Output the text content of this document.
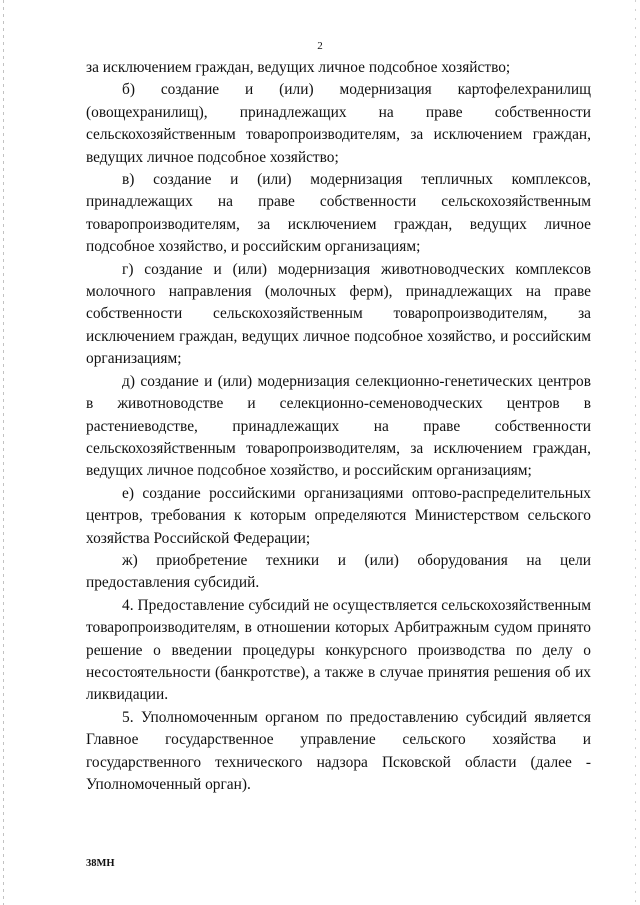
2

за исключением граждан, ведущих личное подсобное хозяйство;

б) создание и (или) модернизация картофелехранилищ (овощехранилищ), принадлежащих на праве собственности сельскохозяйственным товаропроизводителям, за исключением граждан, ведущих личное подсобное хозяйство;

в) создание и (или) модернизация тепличных комплексов, принадлежащих на праве собственности сельскохозяйственным товаропроизводителям, за исключением граждан, ведущих личное подсобное хозяйство, и российским организациям;

г) создание и (или) модернизация животноводческих комплексов молочного направления (молочных ферм), принадлежащих на праве собственности сельскохозяйственным товаропроизводителям, за исключением граждан, ведущих личное подсобное хозяйство, и российским организациям;

д) создание и (или) модернизация селекционно-генетических центров в животноводстве и селекционно-семеноводческих центров в растениеводстве, принадлежащих на праве собственности сельскохозяйственным товаропроизводителям, за исключением граждан, ведущих личное подсобное хозяйство, и российским организациям;

е) создание российскими организациями оптово-распределительных центров, требования к которым определяются Министерством сельского хозяйства Российской Федерации;

ж) приобретение техники и (или) оборудования на цели предоставления субсидий.

4. Предоставление субсидий не осуществляется сельскохозяйственным товаропроизводителям, в отношении которых Арбитражным судом принято решение о введении процедуры конкурсного производства по делу о несостоятельности (банкротстве), а также в случае принятия решения об их ликвидации.

5. Уполномоченным органом по предоставлению субсидий является Главное государственное управление сельского хозяйства и государственного технического надзора Псковской области (далее - Уполномоченный орган).

38МН
